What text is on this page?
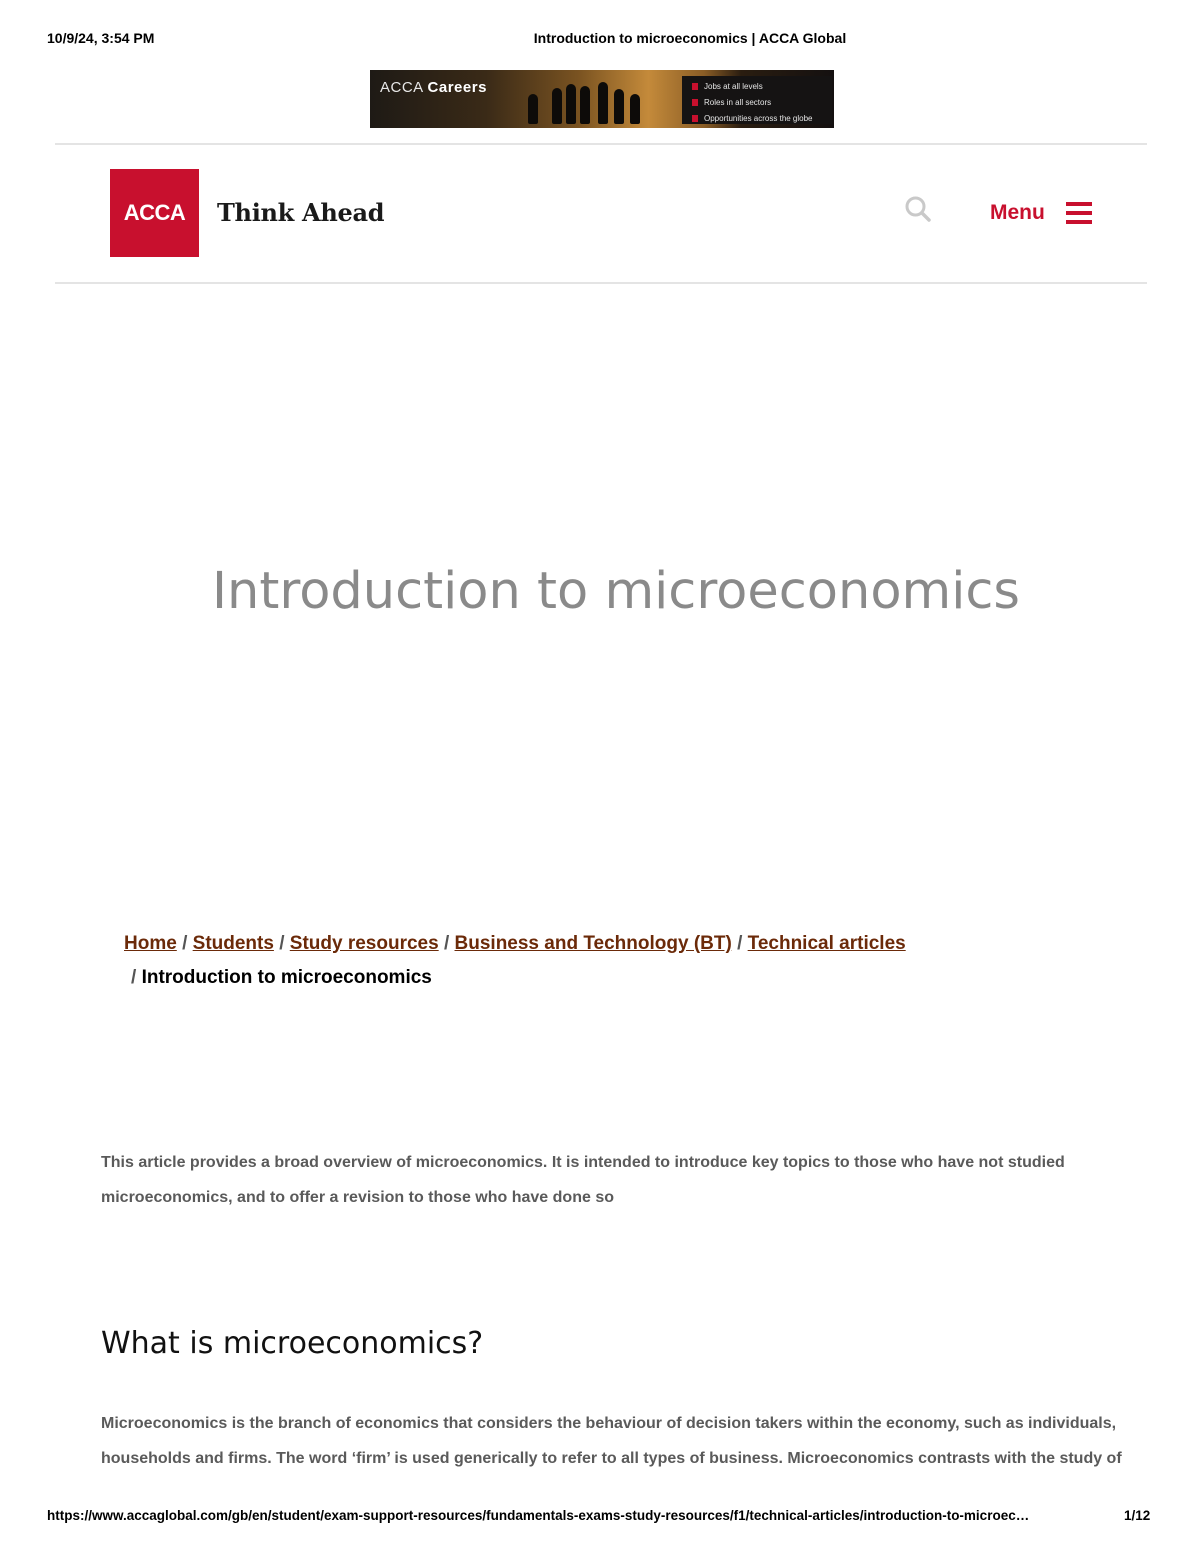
10/9/24, 3:54 PM	Introduction to microeconomics | ACCA Global
ACCA Careers	Jobs at all levels
Roles in all sectors
Opportunities across the globe
ACCA Think Ahead	Menu
Introduction to microeconomics
Home / Students / Study resources / Business and Technology (BT) / Technical articles
/ Introduction to microeconomics

This article provides a broad overview of microeconomics. It is intended to introduce key topics to those who have not studied microeconomics, and to offer a revision to those who have done so

What is microeconomics?

Microeconomics is the branch of economics that considers the behaviour of decision takers within the economy, such as individuals, households and firms. The word ‘firm’ is used generically to refer to all types of business. Microeconomics contrasts with the study of

https://www.accaglobal.com/gb/en/student/exam-support-resources/fundamentals-exams-study-resources/f1/technical-articles/introduction-to-microec…	1/12
